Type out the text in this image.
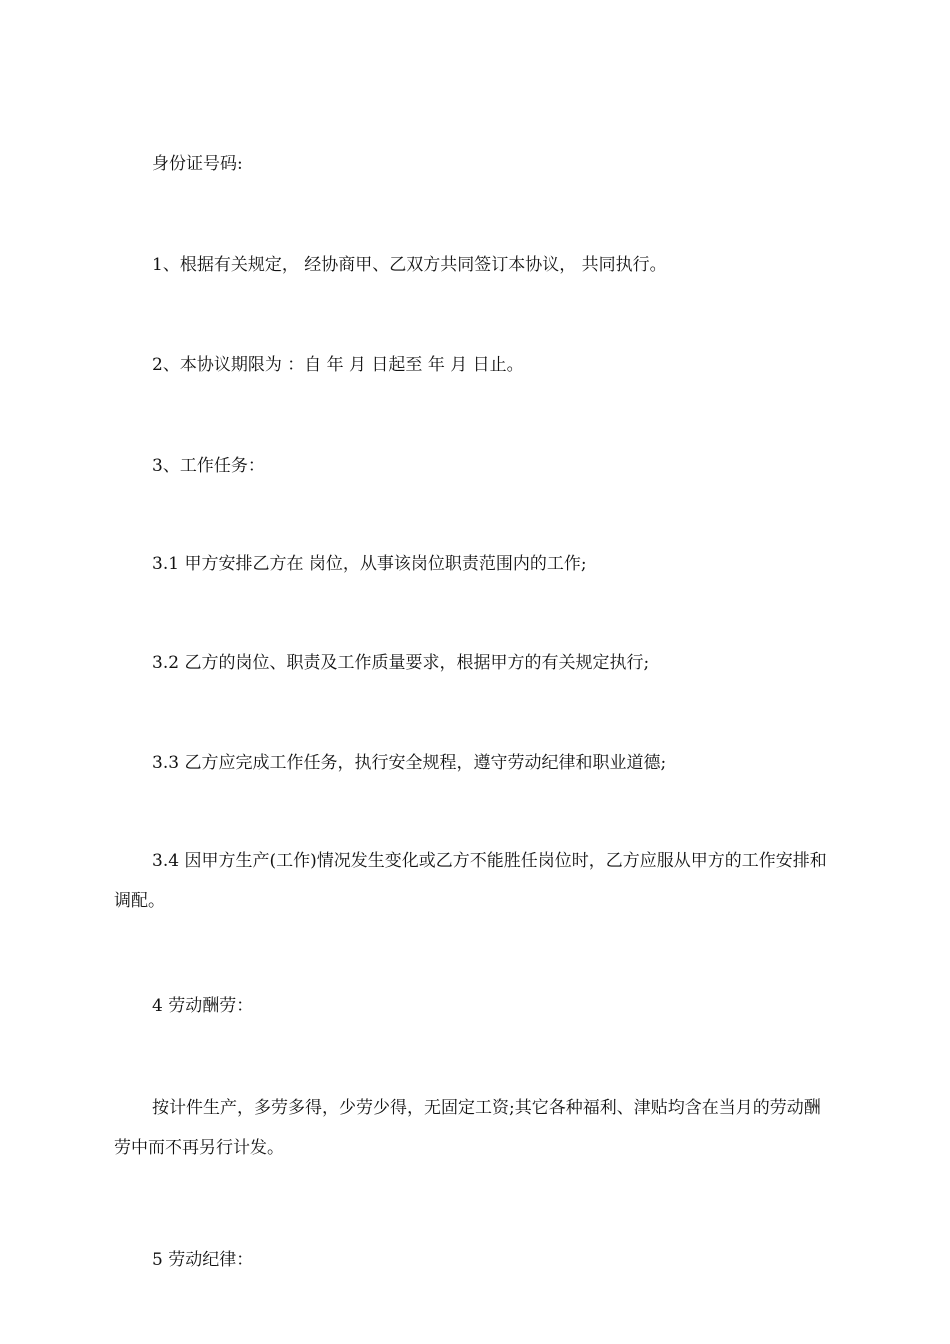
身份证号码:

1、根据有关规定， 经协商甲、乙双方共同签订本协议， 共同执行。

2、本协议期限为 ：自 年 月 日起至 年 月 日止。

3、工作任务：

3.1 甲方安排乙方在 岗位，从事该岗位职责范围内的工作;

3.2 乙方的岗位、职责及工作质量要求，根据甲方的有关规定执行;

3.3 乙方应完成工作任务，执行安全规程，遵守劳动纪律和职业道德;

3.4 因甲方生产(工作)情况发生变化或乙方不能胜任岗位时，乙方应服从甲方的工作安排和调配。

4 劳动酬劳：

按计件生产，多劳多得，少劳少得，无固定工资;其它各种福利、津贴均含在当月的劳动酬劳中而不再另行计发。

5 劳动纪律：
